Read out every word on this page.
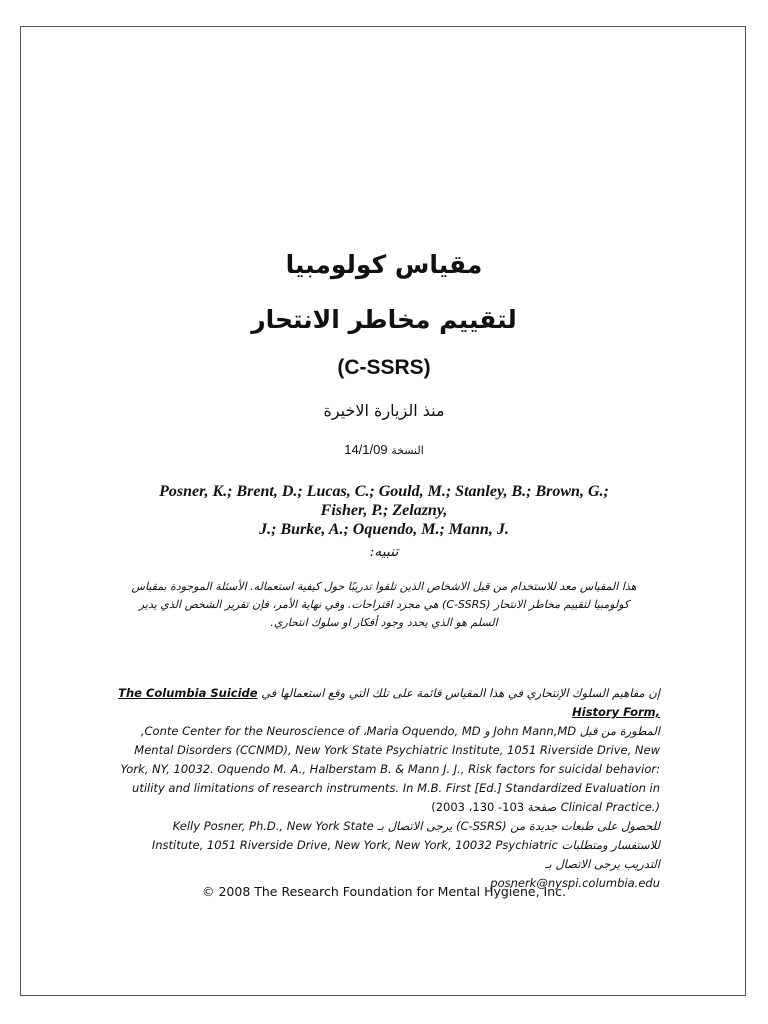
مقياس كولومبيا
لتقييم مخاطر الانتحار
(C-SSRS)
منذ الزيارة الاخيرة
14/1/09 النسخة
Posner, K.; Brent, D.; Lucas, C.; Gould, M.; Stanley, B.; Brown, G.;
Fisher, P.; Zelazny,
J.; Burke, A.; Oquendo, M.; Mann, J.
تنبيه:
هذا المقياس معد للاستخدام من قبل الاشخاص الذين تلقوا تدريبًا حول كيفية استعماله. الأسئلة الموجودة بمقياس
كولومبيا لتقييم مخاطر الانتحار (C-SSRS) هي مجرد اقتراحات. وفي نهاية الأمر، فإن تقرير الشخص الذي يدير
السلم هو الذي يحدد وجود أفكار او سلوك انتحاري.
The Columbia Suicide إن مفاهيم السلوك الإنتحاري في هذا المقياس قائمة على تلك التي وقع استعمالها في
History Form,
,Conte Center for the Neuroscience of ،Maria Oquendo, MD و John Mann,MD المطورة من قبل
Mental Disorders (CCNMD), New York State Psychiatric Institute, 1051 Riverside Drive, New
York, NY, 10032. Oquendo M. A., Halberstam B. & Mann J. J., Risk factors for suicidal behavior:
utility and limitations of research instruments. In M.B. First [Ed.] Standardized Evaluation in
صفحة 103- 130، 2003) Clinical Practice.)
Kelly Posner, Ph.D., New York State للحصول على طبعات جديدة من (C-SSRS) يرجى الاتصال بـ
Institute, 1051 Riverside Drive, New York, New York, 10032 Psychiatric للاستفسار ومتطلبات
التدريب يرجى الاتصال بـ
posnerk@nyspi.columbia.edu
© 2008 The Research Foundation for Mental Hygiene, Inc.
